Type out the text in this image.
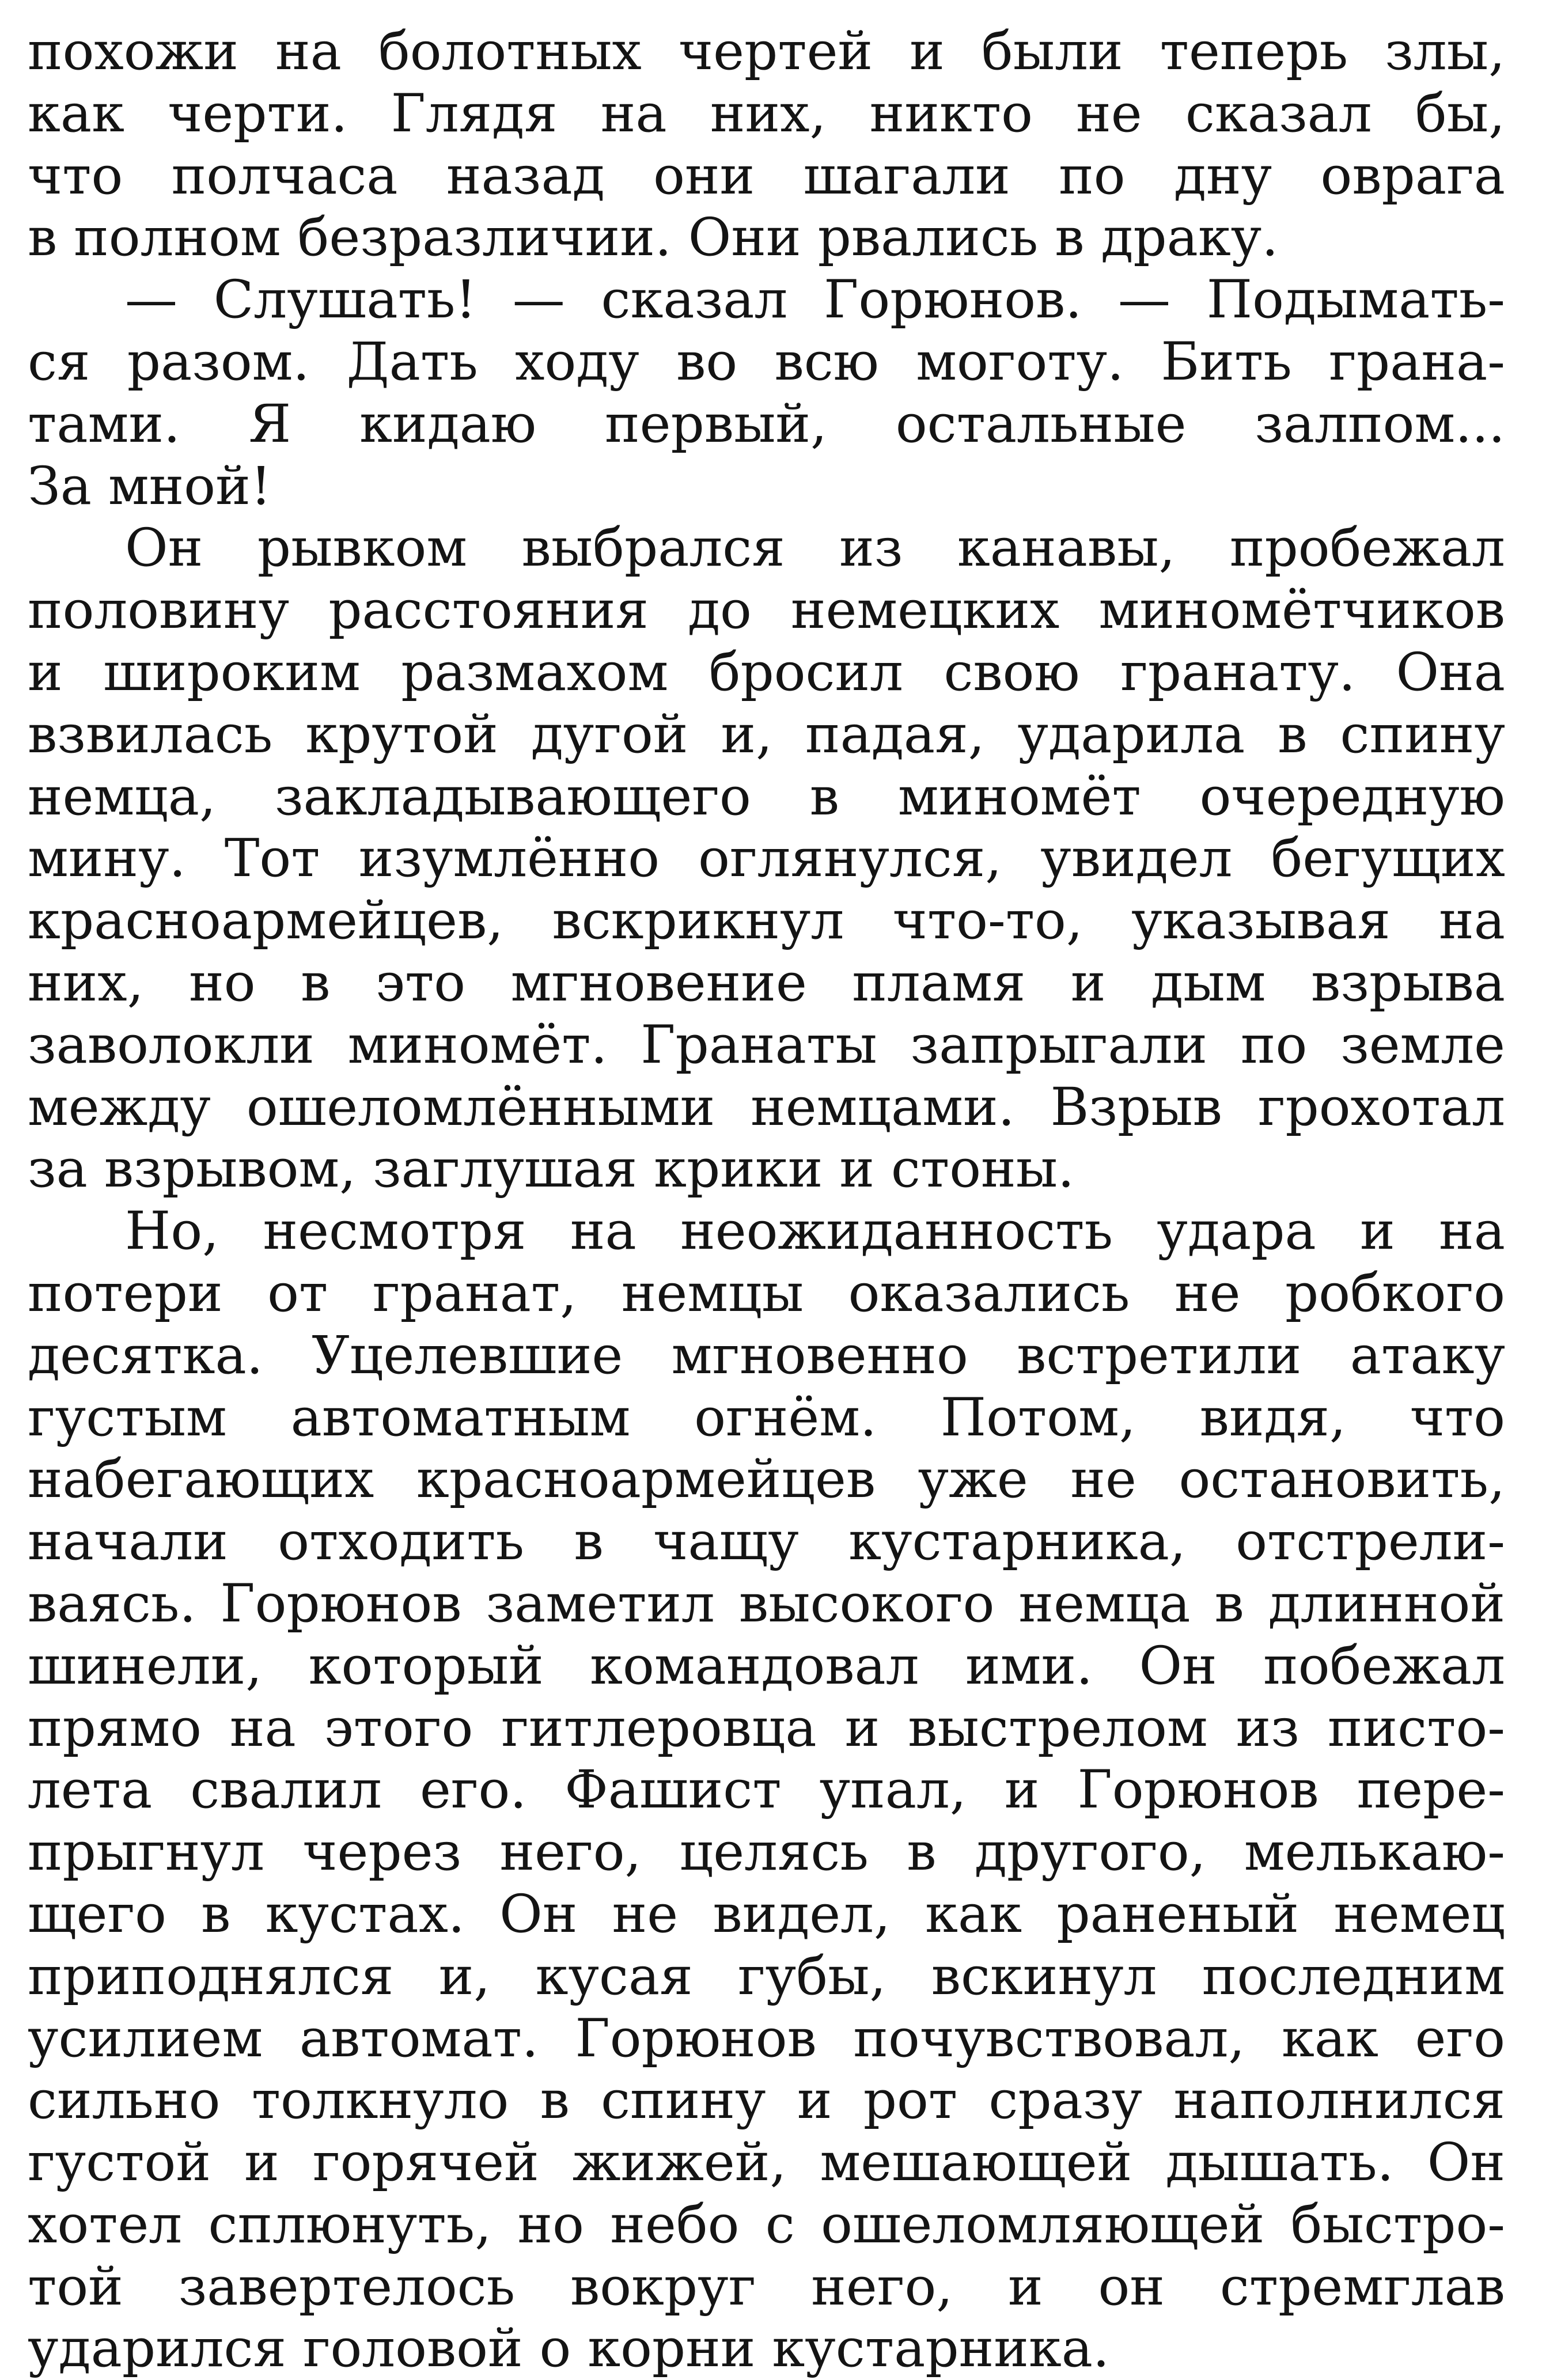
похожи на болотных чертей и были теперь злы,
как черти. Глядя на них, никто не сказал бы,
что полчаса назад они шагали по дну оврага
в полном безразличии. Они рвались в драку.
— Слушать! — сказал Горюнов. — Подымать-
ся разом. Дать ходу во всю моготу. Бить грана-
тами. Я кидаю первый, остальные залпом...
За мной!
Он рывком выбрался из канавы, пробежал
половину расстояния до немецких миномётчиков
и широким размахом бросил свою гранату. Она
взвилась крутой дугой и, падая, ударила в спину
немца, закладывающего в миномёт очередную
мину. Тот изумлённо оглянулся, увидел бегущих
красноармейцев, вскрикнул что-то, указывая на
них, но в это мгновение пламя и дым взрыва
заволокли миномёт. Гранаты запрыгали по земле
между ошеломлёнными немцами. Взрыв грохотал
за взрывом, заглушая крики и стоны.
Но, несмотря на неожиданность удара и на
потери от гранат, немцы оказались не робкого
десятка. Уцелевшие мгновенно встретили атаку
густым автоматным огнём. Потом, видя, что
набегающих красноармейцев уже не остановить,
начали отходить в чащу кустарника, отстрели-
ваясь. Горюнов заметил высокого немца в длинной
шинели, который командовал ими. Он побежал
прямо на этого гитлеровца и выстрелом из писто-
лета свалил его. Фашист упал, и Горюнов пере-
прыгнул через него, целясь в другого, мелькаю-
щего в кустах. Он не видел, как раненый немец
приподнялся и, кусая губы, вскинул последним
усилием автомат. Горюнов почувствовал, как его
сильно толкнуло в спину и рот сразу наполнился
густой и горячей жижей, мешающей дышать. Он
хотел сплюнуть, но небо с ошеломляющей быстро-
той завертелось вокруг него, и он стремглав
ударился головой о корни кустарника.
